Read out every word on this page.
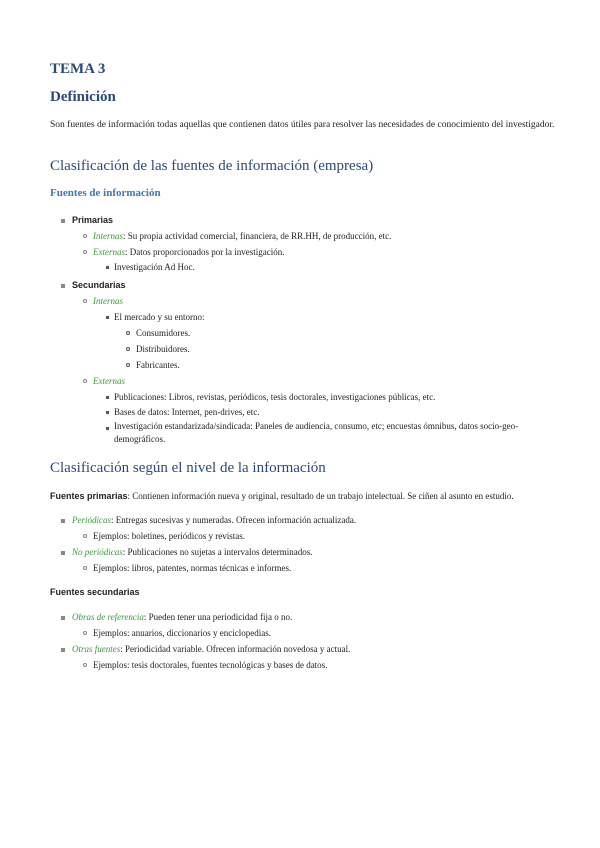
TEMA 3
Definición

Son fuentes de información todas aquellas que contienen datos útiles para resolver las necesidades de conocimiento del investigador.

Clasificación de las fuentes de información (empresa)
Fuentes de información
Primarias
Internas: Su propia actividad comercial, financiera, de RR.HH, de producción, etc.
Externas: Datos proporcionados por la investigación.
Investigación Ad Hoc.
Secundarias
Internas
El mercado y su entorno:
Consumidores.
Distribuidores.
Fabricantes.
Externas
Publicaciones: Libros, revistas, periódicos, tesis doctorales, investigaciones públicas, etc.
Bases de datos: Internet, pen-drives, etc.
Investigación estandarizada/sindicada: Paneles de audiencia, consumo, etc; encuestas ómnibus, datos socio-geo-demográficos.
Clasificación según el nivel de la información
Fuentes primarias: Contienen información nueva y original, resultado de un trabajo intelectual. Se ciñen al asunto en estudio.
Periódicas: Entregas sucesivas y numeradas. Ofrecen información actualizada.
Ejemplos: boletines, periódicos y revistas.
No periódicas: Publicaciones no sujetas a intervalos determinados.
Ejemplos: libros, patentes, normas técnicas e informes.
Fuentes secundarias
Obras de referencia: Pueden tener una periodicidad fija o no.
Ejemplos: anuarios, diccionarios y enciclopedias.
Otras fuentes: Periodicidad variable. Ofrecen información novedosa y actual.
Ejemplos: tesis doctorales, fuentes tecnológicas y bases de datos.
